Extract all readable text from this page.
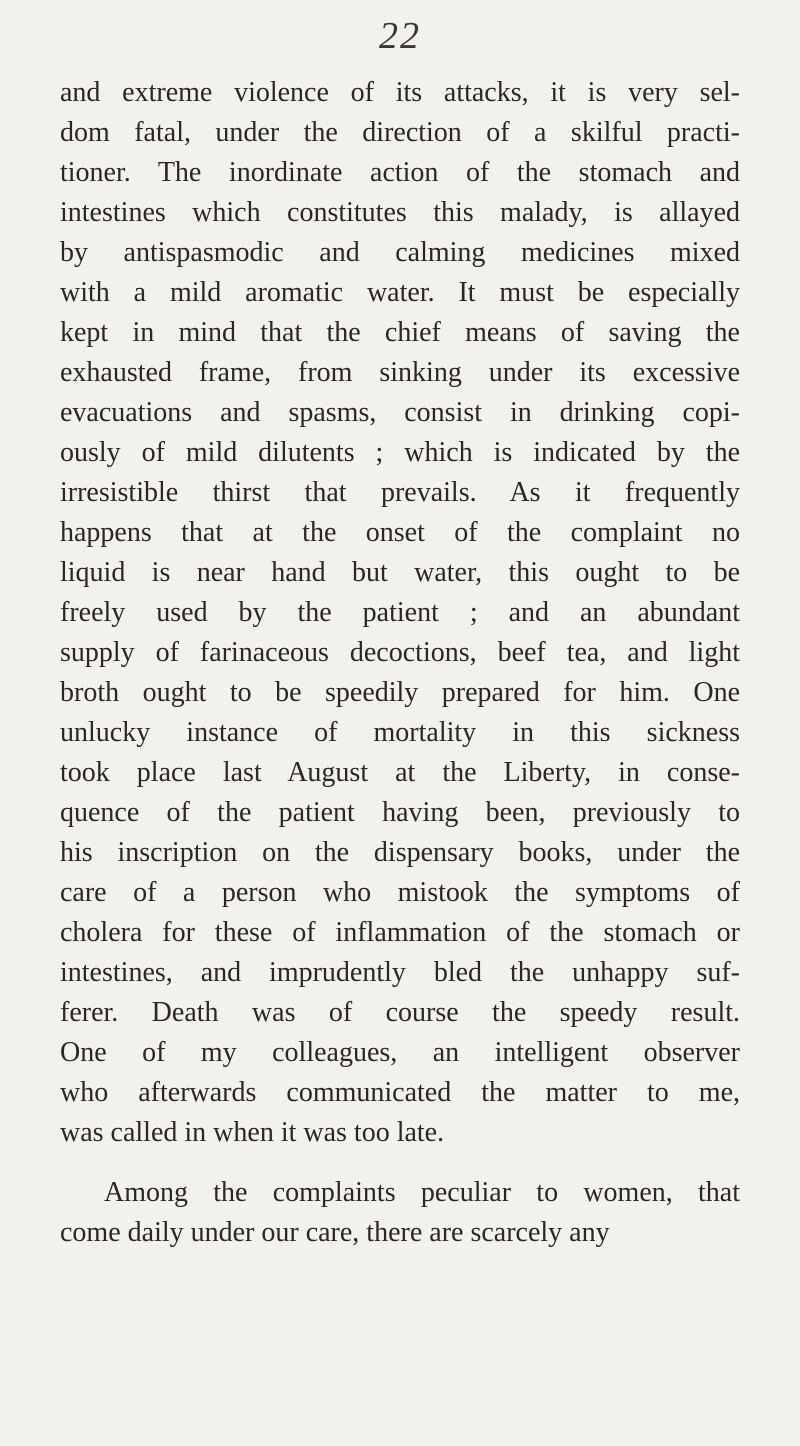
22
and extreme violence of its attacks, it is very sel-
dom fatal, under the direction of a skilful practi-
tioner. The inordinate action of the stomach and
intestines which constitutes this malady, is allayed
by antispasmodic and calming medicines mixed
with a mild aromatic water. It must be especially
kept in mind that the chief means of saving the
exhausted frame, from sinking under its excessive
evacuations and spasms, consist in drinking copi-
ously of mild dilutents ; which is indicated by the
irresistible thirst that prevails. As it frequently
happens that at the onset of the complaint no
liquid is near hand but water, this ought to be
freely used by the patient ; and an abundant
supply of farinaceous decoctions, beef tea, and light
broth ought to be speedily prepared for him. One
unlucky instance of mortality in this sickness
took place last August at the Liberty, in conse-
quence of the patient having been, previously to
his inscription on the dispensary books, under the
care of a person who mistook the symptoms of
cholera for these of inflammation of the stomach or
intestines, and imprudently bled the unhappy suf-
ferer. Death was of course the speedy result.
One of my colleagues, an intelligent observer
who afterwards communicated the matter to me,
was called in when it was too late.
Among the complaints peculiar to women, that
come daily under our care, there are scarcely any
